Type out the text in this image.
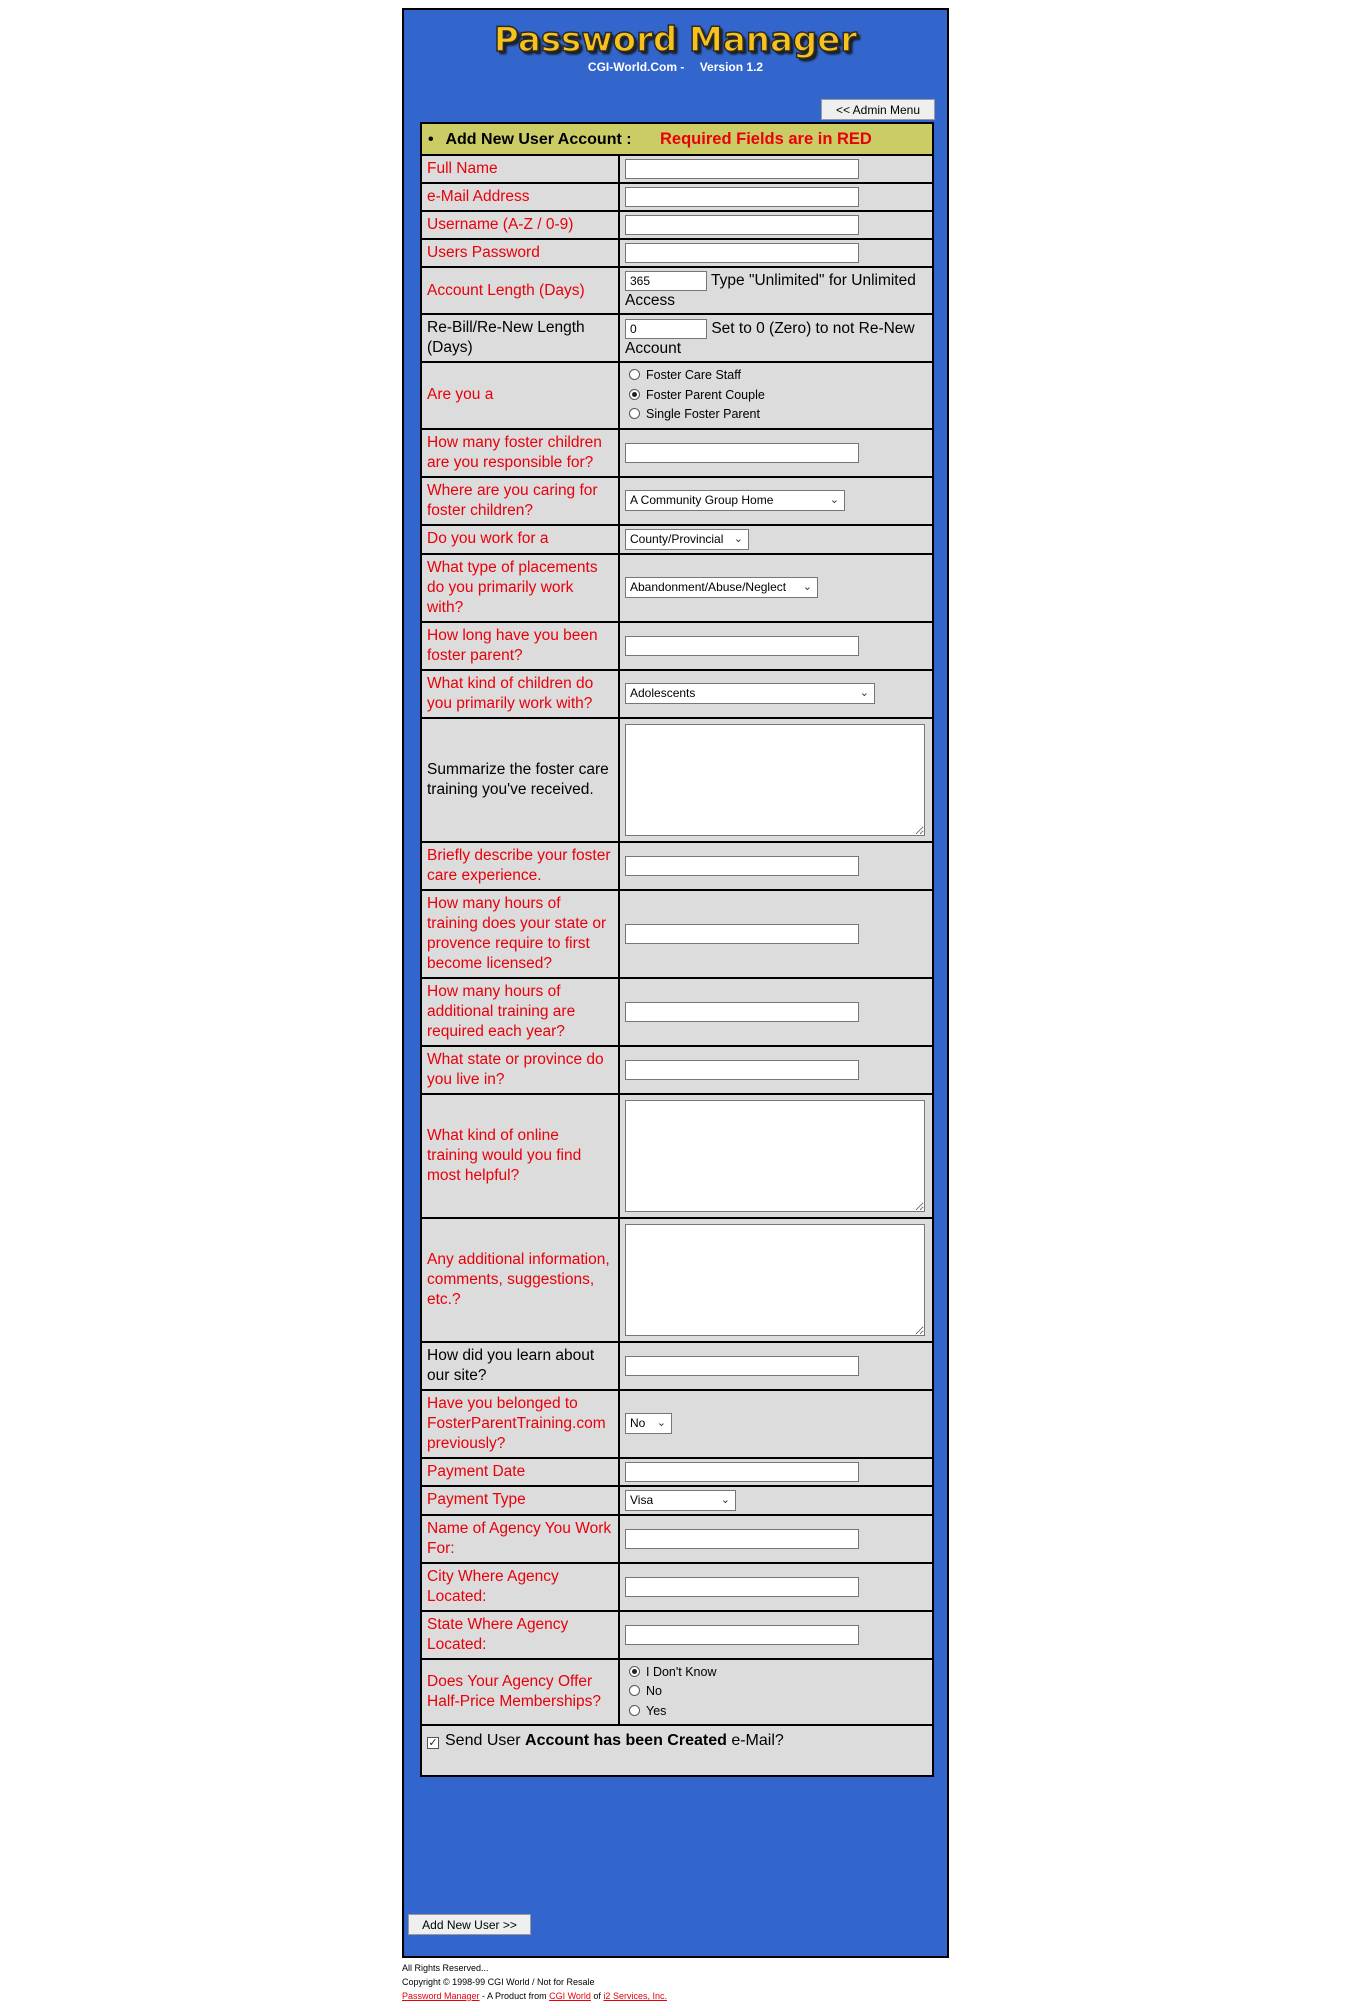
Password Manager
CGI-World.Com - Version 1.2
<< Admin Menu
• Add New User Account : Required Fields are in RED	
Full Name	
e-Mail Address	
Username (A-Z / 0-9)	
Users Password	
Account Length (Days)	365 Type "Unlimited" for Unlimited Access
Re-Bill/Re-New Length (Days)	0 Set to 0 (Zero) to not Re-New Account
Are you a	Foster Care Staff
Foster Parent Couple
Single Foster Parent

How many foster children are you responsible for?	
Where are you caring for foster children?	A Community Group Home ⌄

Do you work for a	County/Provincial ⌄

What type of placements do you primarily work with?	Abandonment/Abuse/Neglect ⌄

How long have you been foster parent?	
What kind of children do you primarily work with?	Adolescents ⌄

Summarize the foster care training you've received.	

Briefly describe your foster care experience.	
How many hours of training does your state or provence require to first become licensed?	
How many hours of additional training are required each year?	
What state or province do you live in?	
What kind of online training would you find most helpful?	

Any additional information, comments, suggestions, etc.?	

How did you learn about our site?	
Have you belonged to FosterParentTraining.com previously?	No ⌄

Payment Date	
Payment Type	Visa ⌄

Name of Agency You Work For:	
City Where Agency Located:	
State Where Agency Located:	
Does Your Agency Offer Half-Price Memberships?	I Don't Know
No
Yes

✓ Send User Account has been Created e-Mail?	
Add New User >>
All Rights Reserved...
Copyright © 1998-99 CGI World / Not for Resale
Password Manager - A Product from CGI World of i2 Services, Inc.
